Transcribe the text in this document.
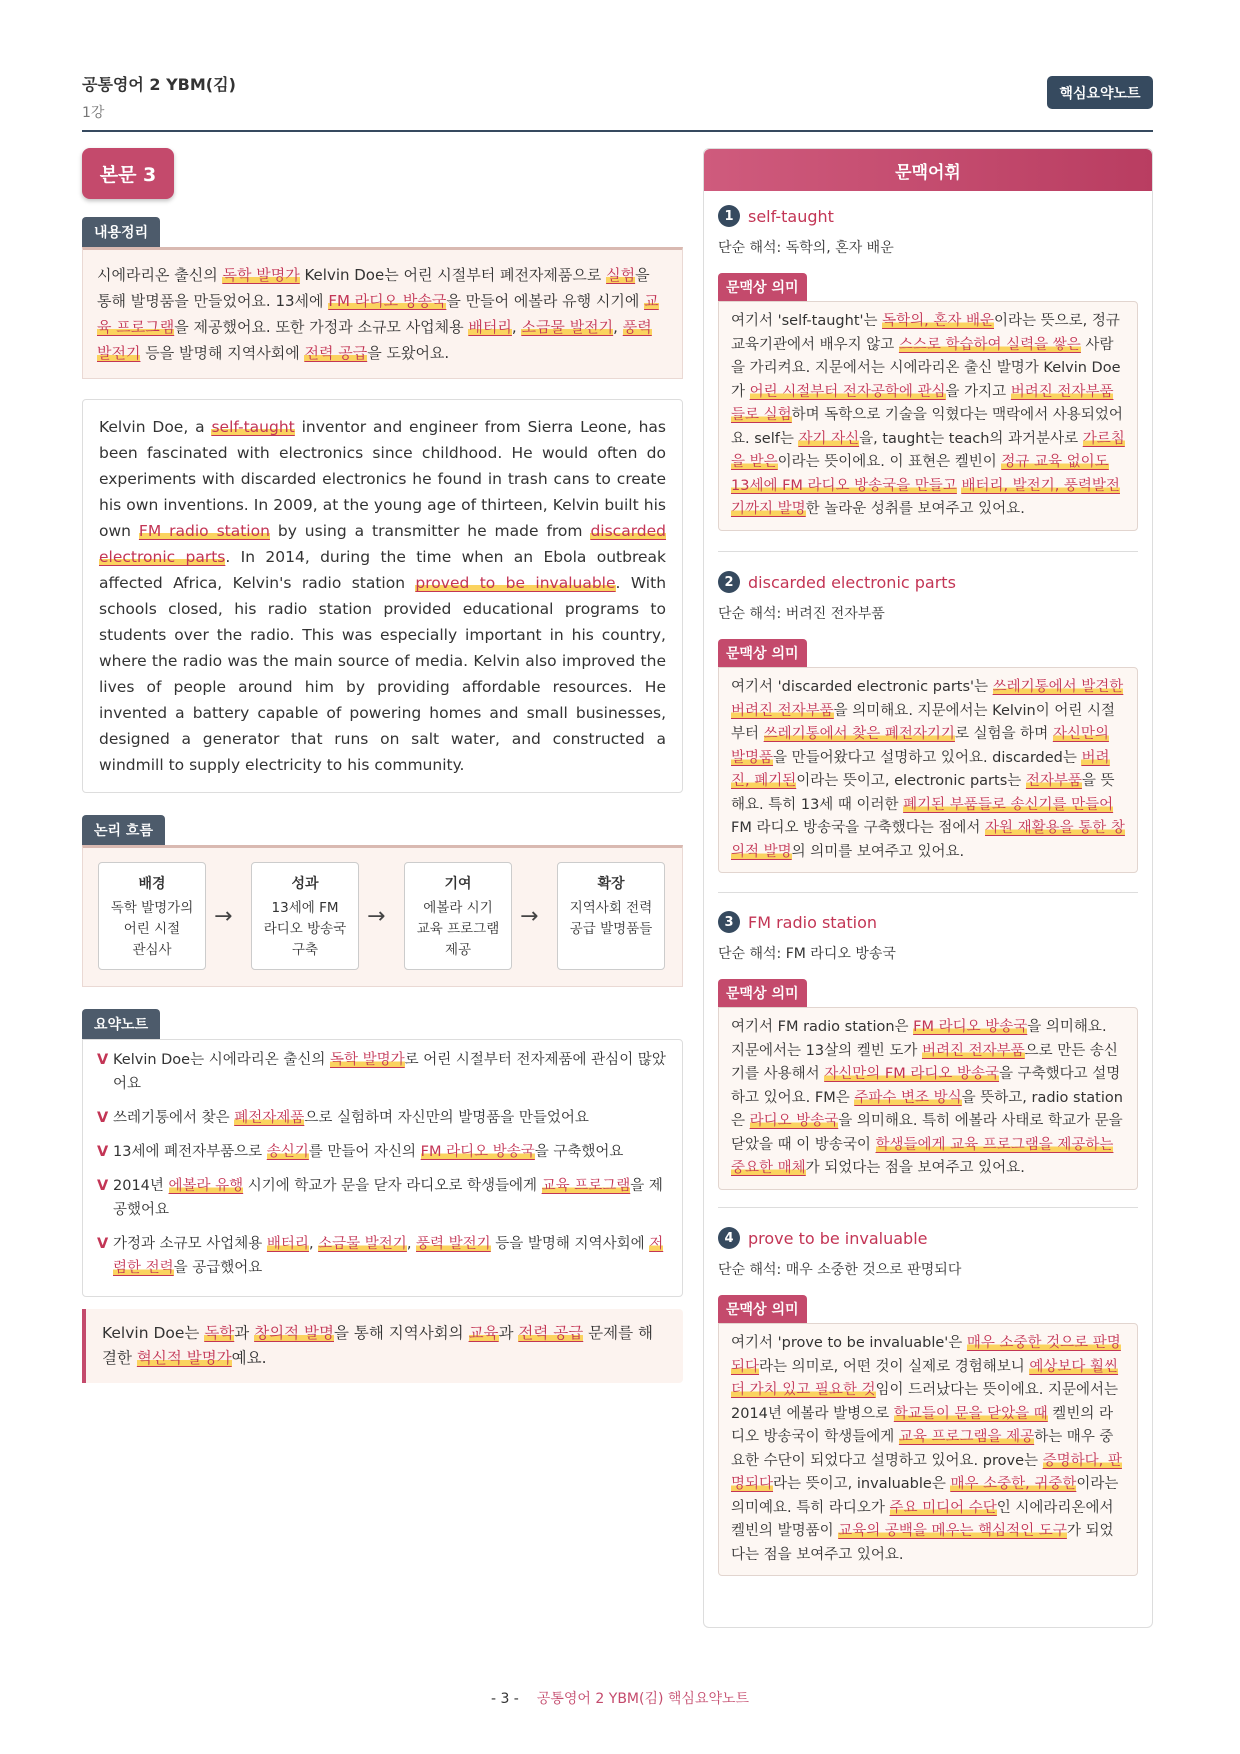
공통영어 2 YBM(김)
1강
핵심요약노트
본문 3
내용정리
시에라리온 출신의 독학 발명가 Kelvin Doe는 어린 시절부터 폐전자제품으로 실험을 통해 발명품을 만들었어요. 13세에 FM 라디오 방송국을 만들어 에볼라 유행 시기에 교육 프로그램을 제공했어요. 또한 가정과 소규모 사업체용 배터리, 소금물 발전기, 풍력 발전기 등을 발명해 지역사회에 전력 공급을 도왔어요.
Kelvin Doe, a self-taught inventor and engineer from Sierra Leone, has been fascinated with electronics since childhood. He would often do experiments with discarded electronics he found in trash cans to create his own inventions. In 2009, at the young age of thirteen, Kelvin built his own FM radio station by using a transmitter he made from discarded electronic parts. In 2014, during the time when an Ebola outbreak affected Africa, Kelvin's radio station proved to be invaluable. With schools closed, his radio station provided educational programs to students over the radio. This was especially important in his country, where the radio was the main source of media. Kelvin also improved the lives of people around him by providing affordable resources. He invented a battery capable of powering homes and small businesses, designed a generator that runs on salt water, and constructed a windmill to supply electricity to his community.
논리 흐름
배경
독학 발명가의
어린 시절
관심사
→
성과
13세에 FM
라디오 방송국
구축
→
기여
에볼라 시기
교육 프로그램
제공
→
확장
지역사회 전력
공급 발명품들
요약노트
V Kelvin Doe는 시에라리온 출신의 독학 발명가로 어린 시절부터 전자제품에 관심이 많았어요
V 쓰레기통에서 찾은 폐전자제품으로 실험하며 자신만의 발명품을 만들었어요
V 13세에 폐전자부품으로 송신기를 만들어 자신의 FM 라디오 방송국을 구축했어요
V 2014년 에볼라 유행 시기에 학교가 문을 닫자 라디오로 학생들에게 교육 프로그램을 제공했어요
V 가정과 소규모 사업체용 배터리, 소금물 발전기, 풍력 발전기 등을 발명해 지역사회에 저렴한 전력을 공급했어요
Kelvin Doe는 독학과 창의적 발명을 통해 지역사회의 교육과 전력 공급 문제를 해결한 혁신적 발명가예요.
문맥어휘
1 self-taught
단순 해석: 독학의, 혼자 배운
문맥상 의미
여기서 'self-taught'는 독학의, 혼자 배운이라는 뜻으로, 정규 교육기관에서 배우지 않고 스스로 학습하여 실력을 쌓은 사람을 가리켜요. 지문에서는 시에라리온 출신 발명가 Kelvin Doe가 어린 시절부터 전자공학에 관심을 가지고 버려진 전자부품들로 실험하며 독학으로 기술을 익혔다는 맥락에서 사용되었어요. self는 자기 자신을, taught는 teach의 과거분사로 가르침을 받은이라는 뜻이에요. 이 표현은 켈빈이 정규 교육 없이도 13세에 FM 라디오 방송국을 만들고 배터리, 발전기, 풍력발전기까지 발명한 놀라운 성취를 보여주고 있어요.
2 discarded electronic parts
단순 해석: 버려진 전자부품
문맥상 의미
여기서 'discarded electronic parts'는 쓰레기통에서 발견한 버려진 전자부품을 의미해요. 지문에서는 Kelvin이 어린 시절부터 쓰레기통에서 찾은 폐전자기기로 실험을 하며 자신만의 발명품을 만들어왔다고 설명하고 있어요. discarded는 버려진, 폐기된이라는 뜻이고, electronic parts는 전자부품을 뜻해요. 특히 13세 때 이러한 폐기된 부품들로 송신기를 만들어 FM 라디오 방송국을 구축했다는 점에서 자원 재활용을 통한 창의적 발명의 의미를 보여주고 있어요.
3 FM radio station
단순 해석: FM 라디오 방송국
문맥상 의미
여기서 FM radio station은 FM 라디오 방송국을 의미해요. 지문에서는 13살의 켈빈 도가 버려진 전자부품으로 만든 송신기를 사용해서 자신만의 FM 라디오 방송국을 구축했다고 설명하고 있어요. FM은 주파수 변조 방식을 뜻하고, radio station은 라디오 방송국을 의미해요. 특히 에볼라 사태로 학교가 문을 닫았을 때 이 방송국이 학생들에게 교육 프로그램을 제공하는 중요한 매체가 되었다는 점을 보여주고 있어요.
4 prove to be invaluable
단순 해석: 매우 소중한 것으로 판명되다
문맥상 의미
여기서 'prove to be invaluable'은 매우 소중한 것으로 판명되다라는 의미로, 어떤 것이 실제로 경험해보니 예상보다 훨씬 더 가치 있고 필요한 것임이 드러났다는 뜻이에요. 지문에서는 2014년 에볼라 발병으로 학교들이 문을 닫았을 때 켈빈의 라디오 방송국이 학생들에게 교육 프로그램을 제공하는 매우 중요한 수단이 되었다고 설명하고 있어요. prove는 증명하다, 판명되다라는 뜻이고, invaluable은 매우 소중한, 귀중한이라는 의미예요. 특히 라디오가 주요 미디어 수단인 시에라리온에서 켈빈의 발명품이 교육의 공백을 메우는 핵심적인 도구가 되었다는 점을 보여주고 있어요.
- 3 - 공통영어 2 YBM(김) 핵심요약노트
